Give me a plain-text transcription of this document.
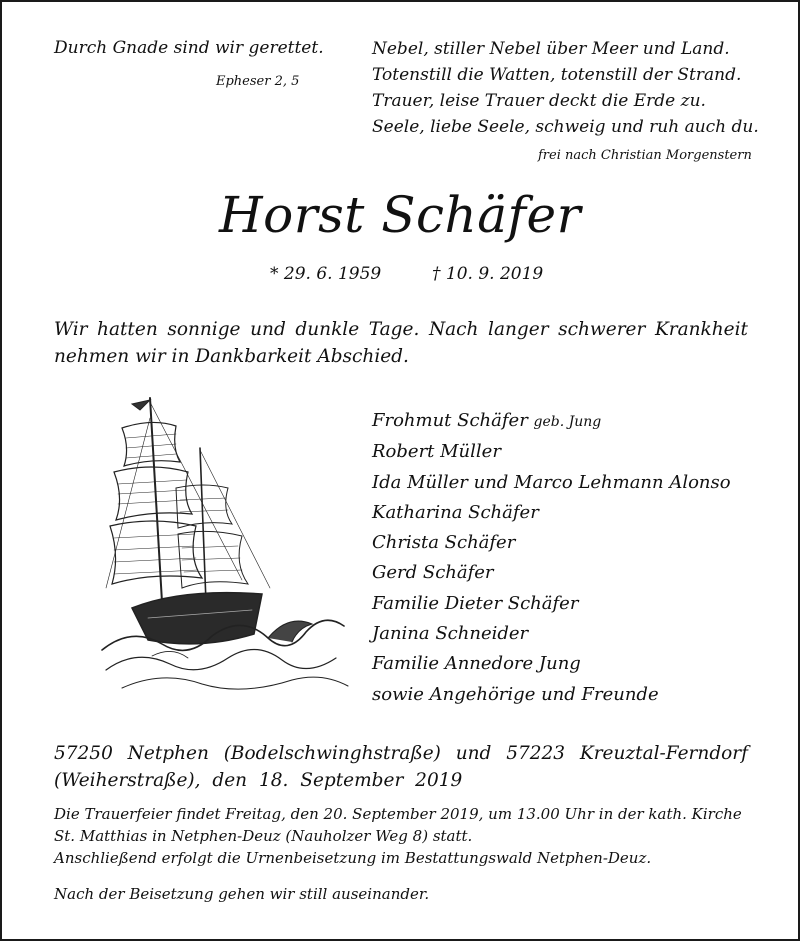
Durch Gnade sind wir gerettet.
Epheser 2, 5
Nebel, stiller Nebel über Meer und Land.
Totenstill die Watten, totenstill der Strand.
Trauer, leise Trauer deckt die Erde zu.
Seele, liebe Seele, schweig und ruh auch du.
frei nach Christian Morgenstern
Horst Schäfer
* 29. 6. 1959	† 10. 9. 2019
Wir hatten sonnige und dunkle Tage. Nach langer schwerer Krankheit nehmen wir in Dankbarkeit Abschied.
Frohmut Schäfer geb. Jung
Robert Müller
Ida Müller und Marco Lehmann Alonso
Katharina Schäfer
Christa Schäfer
Gerd Schäfer
Familie Dieter Schäfer
Janina Schneider
Familie Annedore Jung
sowie Angehörige und Freunde
57250 Netphen (Bodelschwinghstraße) und 57223 Kreuztal-Ferndorf (Weiherstraße), den 18. September 2019

Die Trauerfeier findet Freitag, den 20. September 2019, um 13.00 Uhr in der kath. Kirche St. Matthias in Netphen-Deuz (Nauholzer Weg 8) statt.

Anschließend erfolgt die Urnenbeisetzung im Bestattungswald Netphen-Deuz.

Nach der Beisetzung gehen wir still auseinander.
